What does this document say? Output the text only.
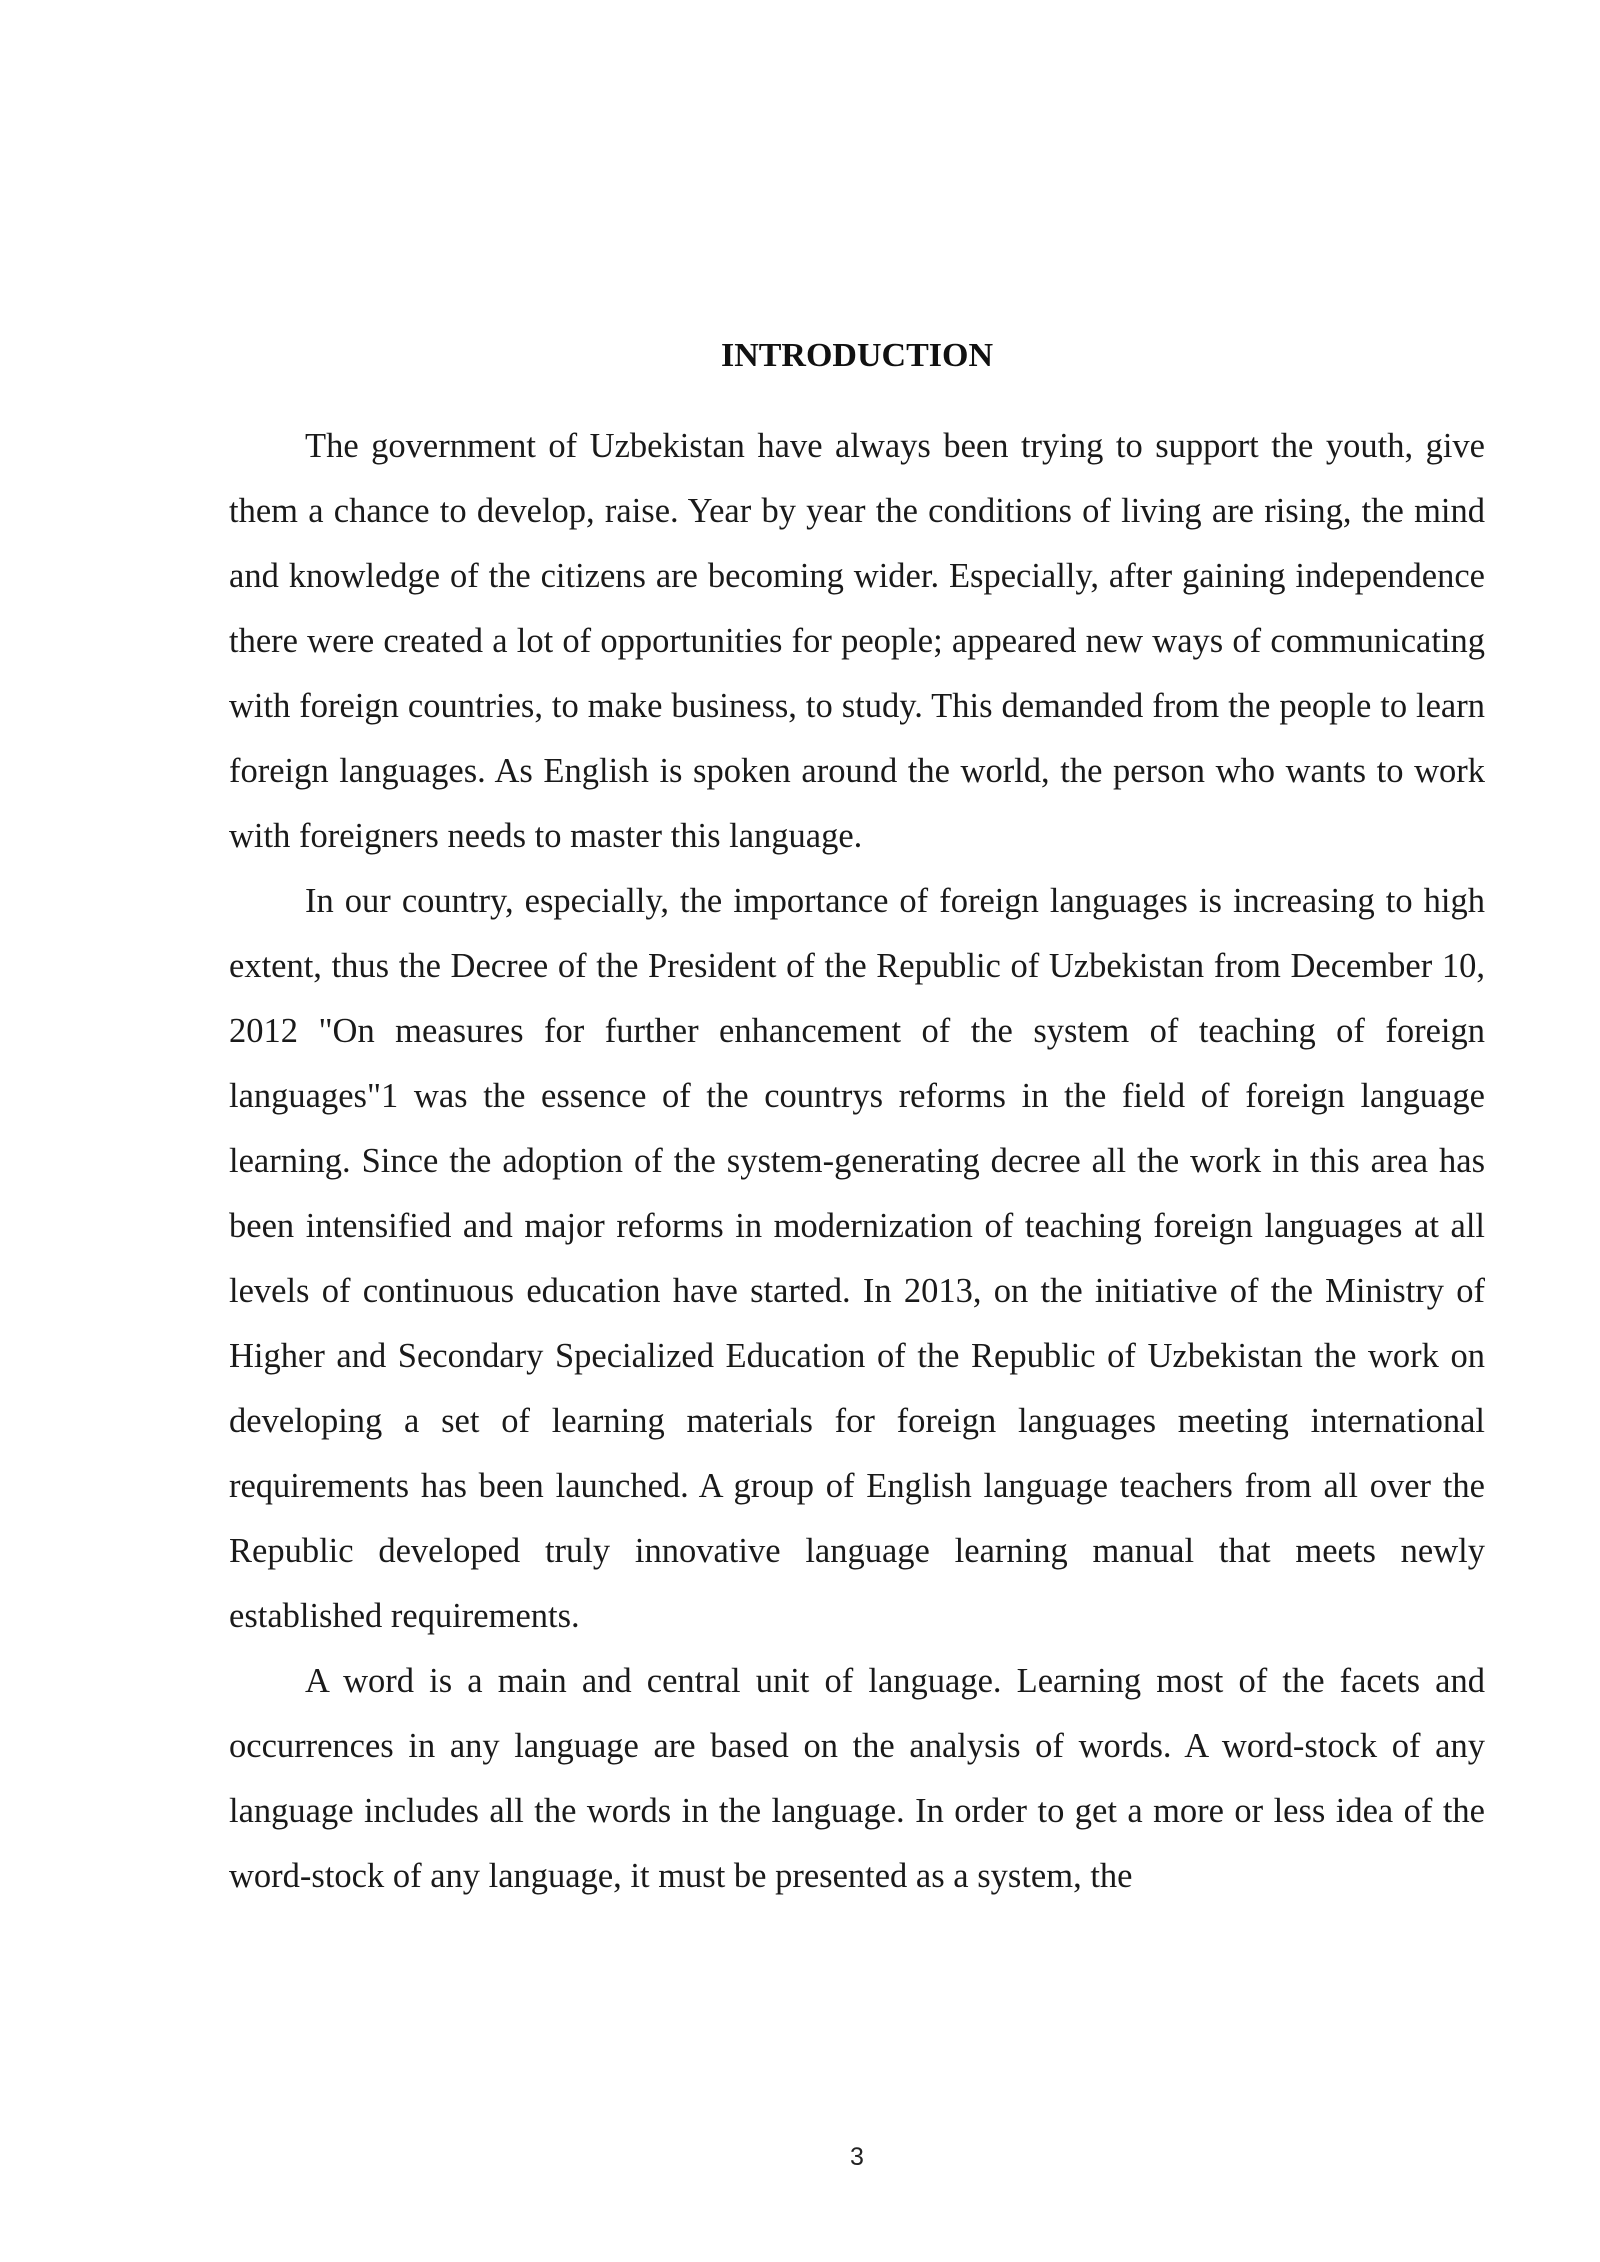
INTRODUCTION

The government of Uzbekistan have always been trying to support the youth, give them a chance to develop, raise. Year by year the conditions of living are rising, the mind and knowledge of the citizens are becoming wider. Especially, after gaining independence there were created a lot of opportunities for people; appeared new ways of communicating with foreign countries, to make business, to study. This demanded from the people to learn foreign languages. As English is spoken around the world, the person who wants to work with foreigners needs to master this language.

In our country, especially, the importance of foreign languages is increasing to high extent, thus the Decree of the President of the Republic of Uzbekistan from December 10, 2012 "On measures for further enhancement of the system of teaching of foreign languages"1 was the essence of the countrys reforms in the field of foreign language learning. Since the adoption of the system-generating decree all the work in this area has been intensified and major reforms in modernization of teaching foreign languages at all levels of continuous education have started. In 2013, on the initiative of the Ministry of Higher and Secondary Specialized Education of the Republic of Uzbekistan the work on developing a set of learning materials for foreign languages meeting international requirements has been launched. A group of English language teachers from all over the Republic developed truly innovative language learning manual that meets newly established requirements.

A word is a main and central unit of language. Learning most of the facets and occurrences in any language are based on the analysis of words. A word-stock of any language includes all the words in the language. In order to get a more or less idea of the word-stock of any language, it must be presented as a system, the

3
